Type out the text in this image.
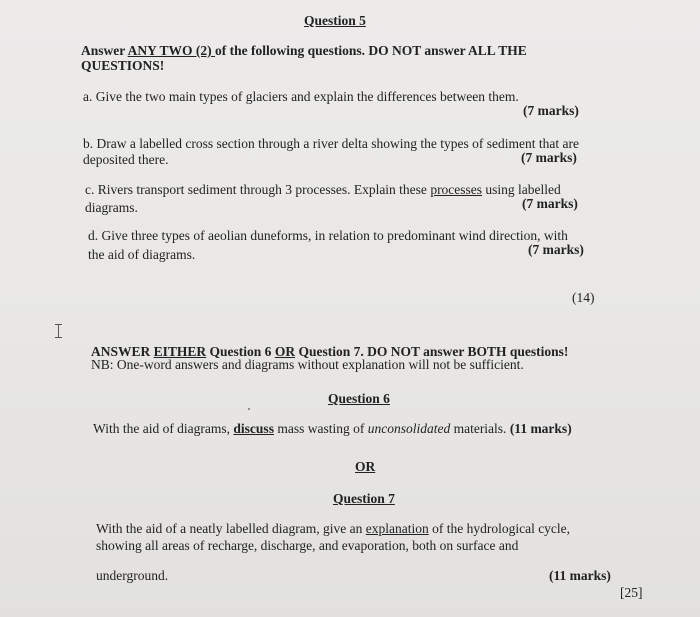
Question 5
Answer ANY TWO (2) of the following questions. DO NOT answer ALL THE
QUESTIONS!
a. Give the two main types of glaciers and explain the differences between them.
(7 marks)
b. Draw a labelled cross section through a river delta showing the types of sediment that are
deposited there.	(7 marks)
c. Rivers transport sediment through 3 processes. Explain these processes using labelled
diagrams.	(7 marks)
d. Give three types of aeolian duneforms, in relation to predominant wind direction, with
the aid of diagrams.	(7 marks)
(14)
ANSWER EITHER Question 6 OR Question 7. DO NOT answer BOTH questions!
NB: One-word answers and diagrams without explanation will not be sufficient.
Question 6
With the aid of diagrams, discuss mass wasting of unconsolidated materials. (11 marks)
OR
Question 7
With the aid of a neatly labelled diagram, give an explanation of the hydrological cycle,
showing all areas of recharge, discharge, and evaporation, both on surface and
underground.	(11 marks)
[25]
